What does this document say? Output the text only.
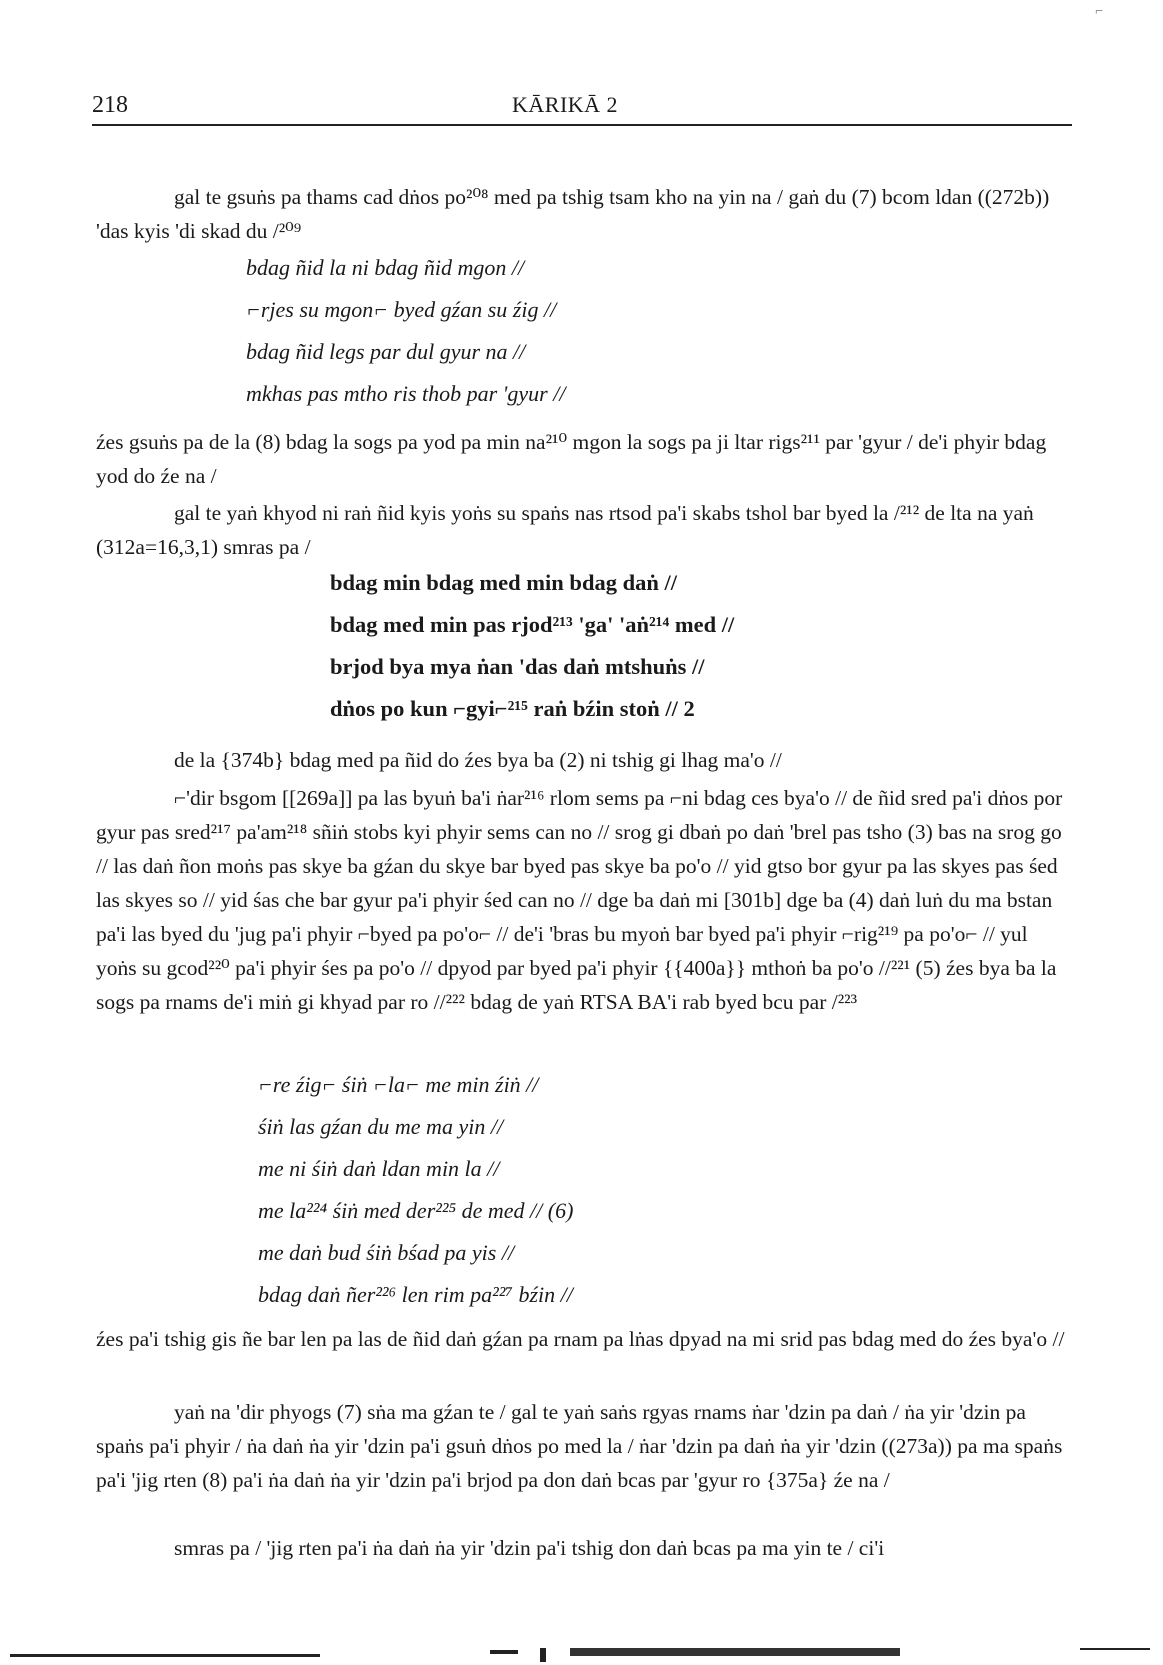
⌐
218	KĀRIKĀ 2

gal te gsuṅs pa thams cad dṅos po²⁰⁸ med pa tshig tsam kho na yin na / gaṅ du (7) bcom ldan ((272b)) 'das kyis 'di skad du /²⁰⁹

bdag ñid la ni bdag ñid mgon //

⌐rjes su mgon⌐ byed gźan su źig //

bdag ñid legs par dul gyur na //

mkhas pas mtho ris thob par 'gyur //

źes gsuṅs pa de la (8) bdag la sogs pa yod pa min na²¹⁰ mgon la sogs pa ji ltar rigs²¹¹ par 'gyur / de'i phyir bdag yod do źe na /

gal te yaṅ khyod ni raṅ ñid kyis yoṅs su spaṅs nas rtsod pa'i skabs tshol bar byed la /²¹² de lta na yaṅ (312a=16,3,1) smras pa /

bdag min bdag med min bdag daṅ //

bdag med min pas rjod²¹³ 'ga' 'aṅ²¹⁴ med //

brjod bya mya ṅan 'das daṅ mtshuṅs //

dṅos po kun ⌐gyi⌐²¹⁵ raṅ bźin stoṅ // 2

de la {374b} bdag med pa ñid do źes bya ba (2) ni tshig gi lhag ma'o //

⌐'dir bsgom [[269a]] pa las byuṅ ba'i ṅar²¹⁶ rlom sems pa ⌐ni bdag ces bya'o // de ñid sred pa'i dṅos por gyur pas sred²¹⁷ pa'am²¹⁸ sñiṅ stobs kyi phyir sems can no // srog gi dbaṅ po daṅ 'brel pas tsho (3) bas na srog go // las daṅ ñon moṅs pas skye ba gźan du skye bar byed pas skye ba po'o // yid gtso bor gyur pa las skyes pas śed las skyes so // yid śas che bar gyur pa'i phyir śed can no // dge ba daṅ mi [301b] dge ba (4) daṅ luṅ du ma bstan pa'i las byed du 'jug pa'i phyir ⌐byed pa po'o⌐ // de'i 'bras bu myoṅ bar byed pa'i phyir ⌐rig²¹⁹ pa po'o⌐ // yul yoṅs su gcod²²⁰ pa'i phyir śes pa po'o // dpyod par byed pa'i phyir {{400a}} mthoṅ ba po'o //²²¹ (5) źes bya ba la sogs pa rnams de'i miṅ gi khyad par ro //²²² bdag de yaṅ RTSA BA'i rab byed bcu par /²²³

⌐re źig⌐ śiṅ ⌐la⌐ me min źiṅ //

śiṅ las gźan du me ma yin //

me ni śiṅ daṅ ldan min la //

me la²²⁴ śiṅ med der²²⁵ de med // (6)

me daṅ bud śiṅ bśad pa yis //

bdag daṅ ñer²²⁶ len rim pa²²⁷ bźin //

źes pa'i tshig gis ñe bar len pa las de ñid daṅ gźan pa rnam pa lṅas dpyad na mi srid pas bdag med do źes bya'o //

yaṅ na 'dir phyogs (7) sṅa ma gźan te / gal te yaṅ saṅs rgyas rnams ṅar 'dzin pa daṅ / ṅa yir 'dzin pa spaṅs pa'i phyir / ṅa daṅ ṅa yir 'dzin pa'i gsuṅ dṅos po med la / ṅar 'dzin pa daṅ ṅa yir 'dzin ((273a)) pa ma spaṅs pa'i 'jig rten (8) pa'i ṅa daṅ ṅa yir 'dzin pa'i brjod pa don daṅ bcas par 'gyur ro {375a} źe na /

smras pa / 'jig rten pa'i ṅa daṅ ṅa yir 'dzin pa'i tshig don daṅ bcas pa ma yin te / ci'i
